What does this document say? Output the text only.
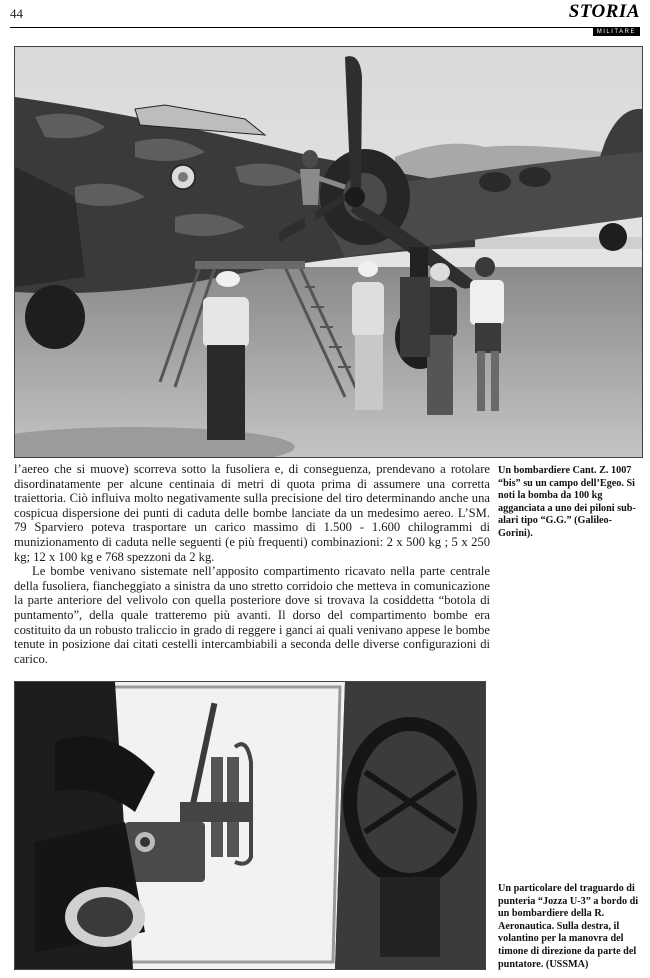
44	STORIA
MILITARE

l’aereo che si muove) scorreva sotto la fusoliera e, di conseguenza, prendevano a rotolare disordinatamente per alcune centinaia di metri di quota prima di assumere una corretta traiettoria. Ciò influiva molto negativamente sulla precisione del tiro determinando anche una cospicua dispersione dei punti di caduta delle bombe lanciate da un medesimo aereo. L’SM. 79 Sparviero poteva trasportare un carico massimo di 1.500 - 1.600 chilogrammi di munizionamento di caduta nelle seguenti (e più frequenti) combinazioni: 2 x 500 kg ; 5 x 250 kg; 12 x 100 kg e 768 spezzoni da 2 kg.

Le bombe venivano sistemate nell’apposito compartimento ricavato nella parte centrale della fusoliera, fiancheggiato a sinistra da uno stretto corridoio che metteva in comunicazione la parte anteriore del velivolo con quella posteriore dove si trovava la cosiddetta “botola di puntamento”, della quale tratteremo più avanti. Il dorso del compartimento bombe era costituito da un robusto traliccio in grado di reggere i ganci ai quali venivano appese le bombe tenute in posizione dai citati cestelli intercambiabili a seconda delle diverse configurazioni di carico.

Un bombardiere Cant. Z. 1007 “bis” su un campo dell’Egeo. Si noti la bomba da 100 kg agganciata a uno dei piloni sub-alari tipo “G.G.” (Galileo-Gorini).
Un particolare del traguardo di punteria “Jozza U-3” a bordo di un bombardiere della R. Aeronautica. Sulla destra, il volantino per la manovra del timone di direzione da parte del puntatore. (USSMA)
